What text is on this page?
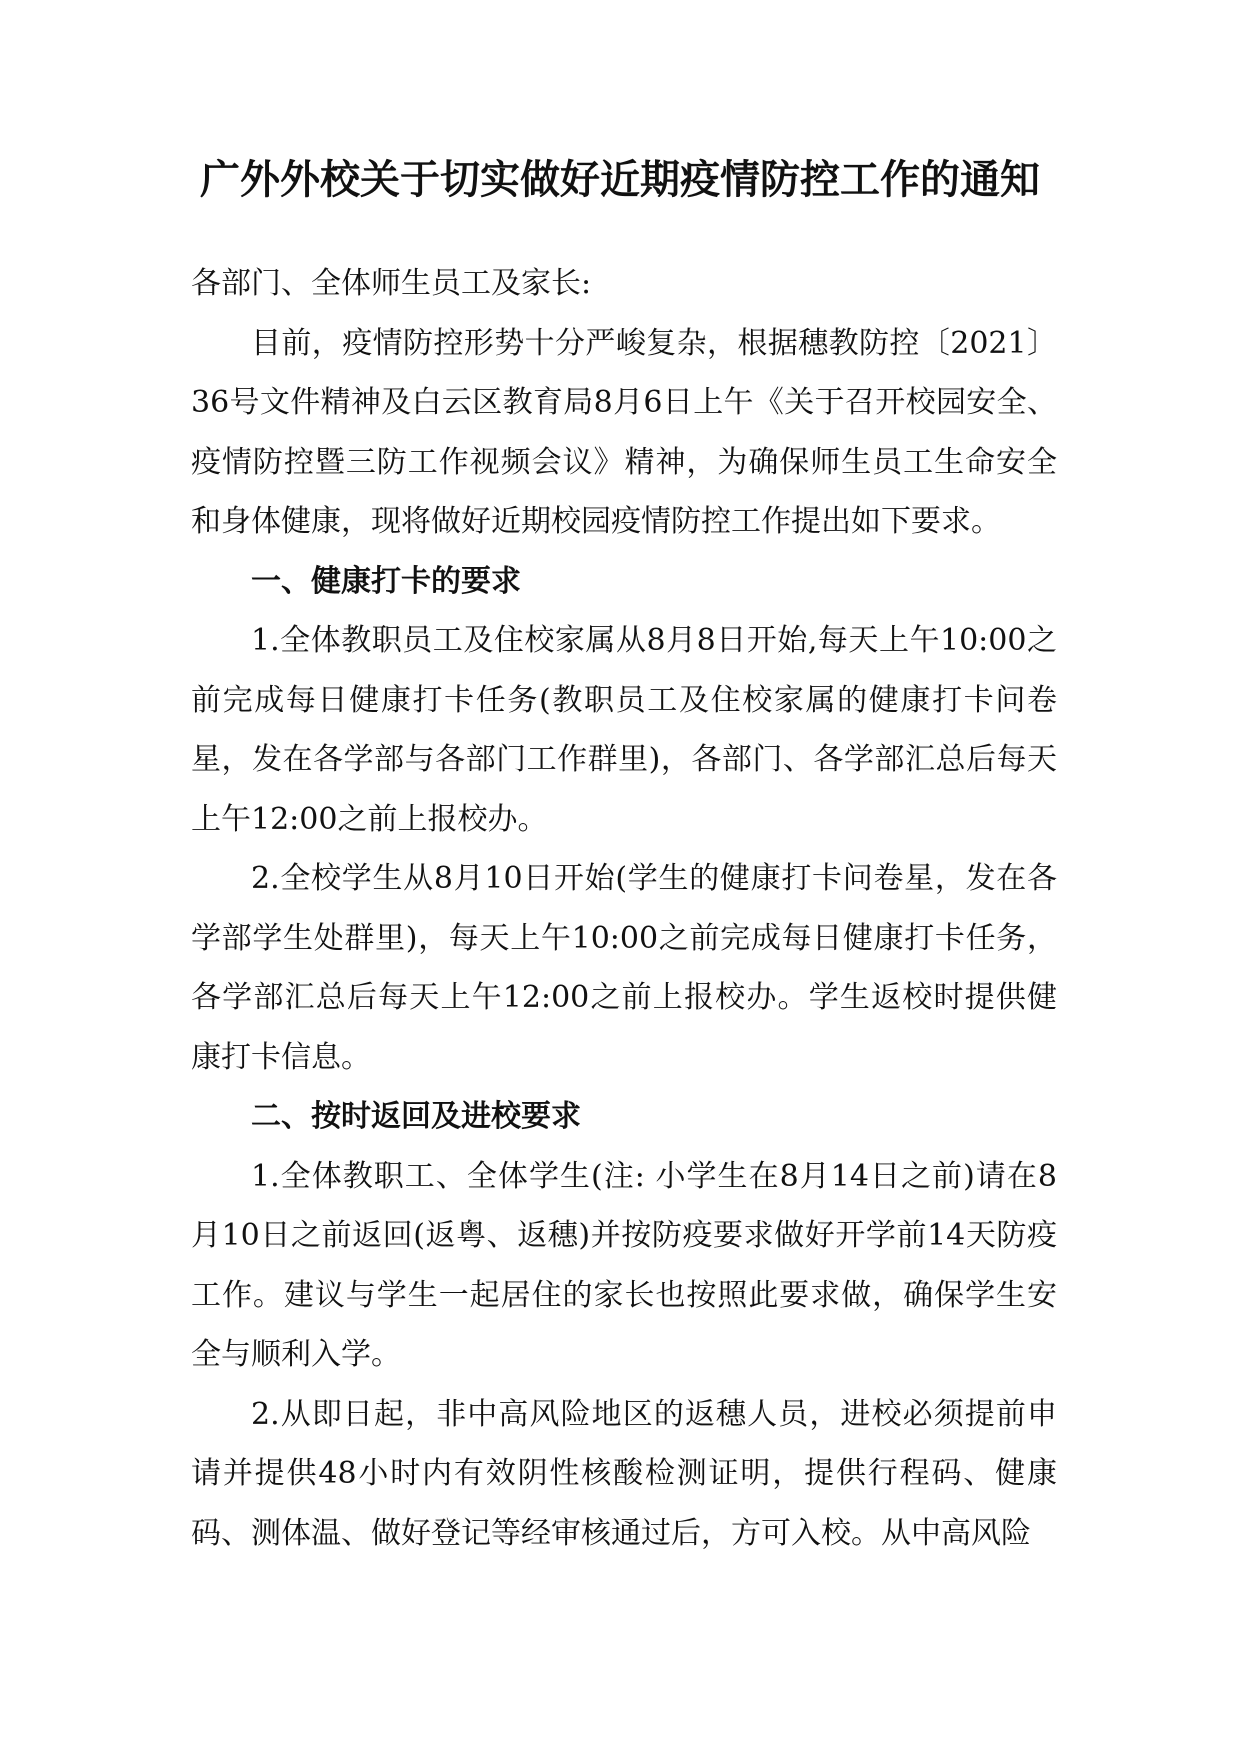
广外外校关于切实做好近期疫情防控工作的通知

各部门、全体师生员工及家长:

目前，疫情防控形势十分严峻复杂，根据穗教防控〔2021〕36号文件精神及白云区教育局8月6日上午《关于召开校园安全、疫情防控暨三防工作视频会议》精神，为确保师生员工生命安全和身体健康，现将做好近期校园疫情防控工作提出如下要求。

一、健康打卡的要求

1.全体教职员工及住校家属从8月8日开始,每天上午10:00之前完成每日健康打卡任务(教职员工及住校家属的健康打卡问卷星，发在各学部与各部门工作群里)，各部门、各学部汇总后每天上午12:00之前上报校办。

2.全校学生从8月10日开始(学生的健康打卡问卷星，发在各学部学生处群里)，每天上午10:00之前完成每日健康打卡任务，各学部汇总后每天上午12:00之前上报校办。学生返校时提供健康打卡信息。

二、按时返回及进校要求

1.全体教职工、全体学生(注: 小学生在8月14日之前)请在8月10日之前返回(返粤、返穗)并按防疫要求做好开学前14天防疫工作。建议与学生一起居住的家长也按照此要求做，确保学生安全与顺利入学。

2.从即日起，非中高风险地区的返穗人员，进校必须提前申请并提供48小时内有效阴性核酸检测证明，提供行程码、健康码、测体温、做好登记等经审核通过后，方可入校。从中高风险
